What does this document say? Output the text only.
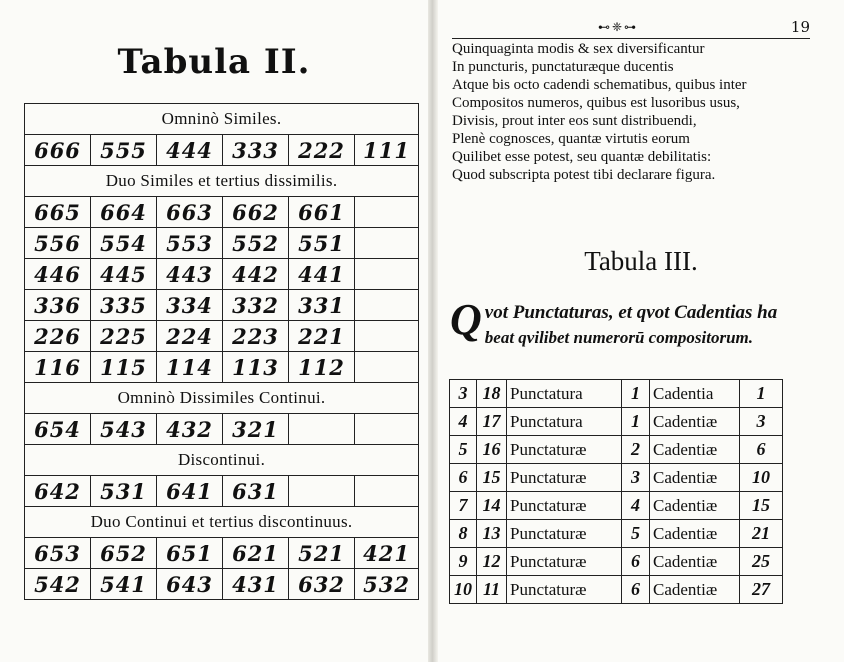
Tabula II.
Omninò Similes.					
666	555	444	333	222	111
Duo Similes et tertius dissimilis.					
665	664	663	662	661	
556	554	553	552	551	
446	445	443	442	441	
336	335	334	332	331	
226	225	224	223	221	
116	115	114	113	112	
Omninò Dissimiles Continui.					
654	543	432	321		
Discontinui.					
642	531	641	631		
Duo Continui et tertius discontinuus.					
653	652	651	621	521	421
542	541	643	431	632	532
⊷❈⊶	19
Quinquaginta modis & sex diversificantur
In puncturis, punctaturæque ducentis
Atque bis octo cadendi schematibus, quibus inter
Compositos numeros, quibus est lusoribus usus,
Divisis, prout inter eos sunt distribuendi,
Plenè cognosces, quantæ virtutis eorum
Quilibet esse potest, seu quantæ debilitatis:
Quod subscripta potest tibi declarare figura.
Tabula III.
Q vot Punctaturas, et qvot Cadentias ha
beat qvilibet numerorū compositorum.
3	18	Punctatura	1	Cadentia	1
4	17	Punctatura	1	Cadentiæ	3
5	16	Punctaturæ	2	Cadentiæ	6
6	15	Punctaturæ	3	Cadentiæ	10
7	14	Punctaturæ	4	Cadentiæ	15
8	13	Punctaturæ	5	Cadentiæ	21
9	12	Punctaturæ	6	Cadentiæ	25
10	11	Punctaturæ	6	Cadentiæ	27
